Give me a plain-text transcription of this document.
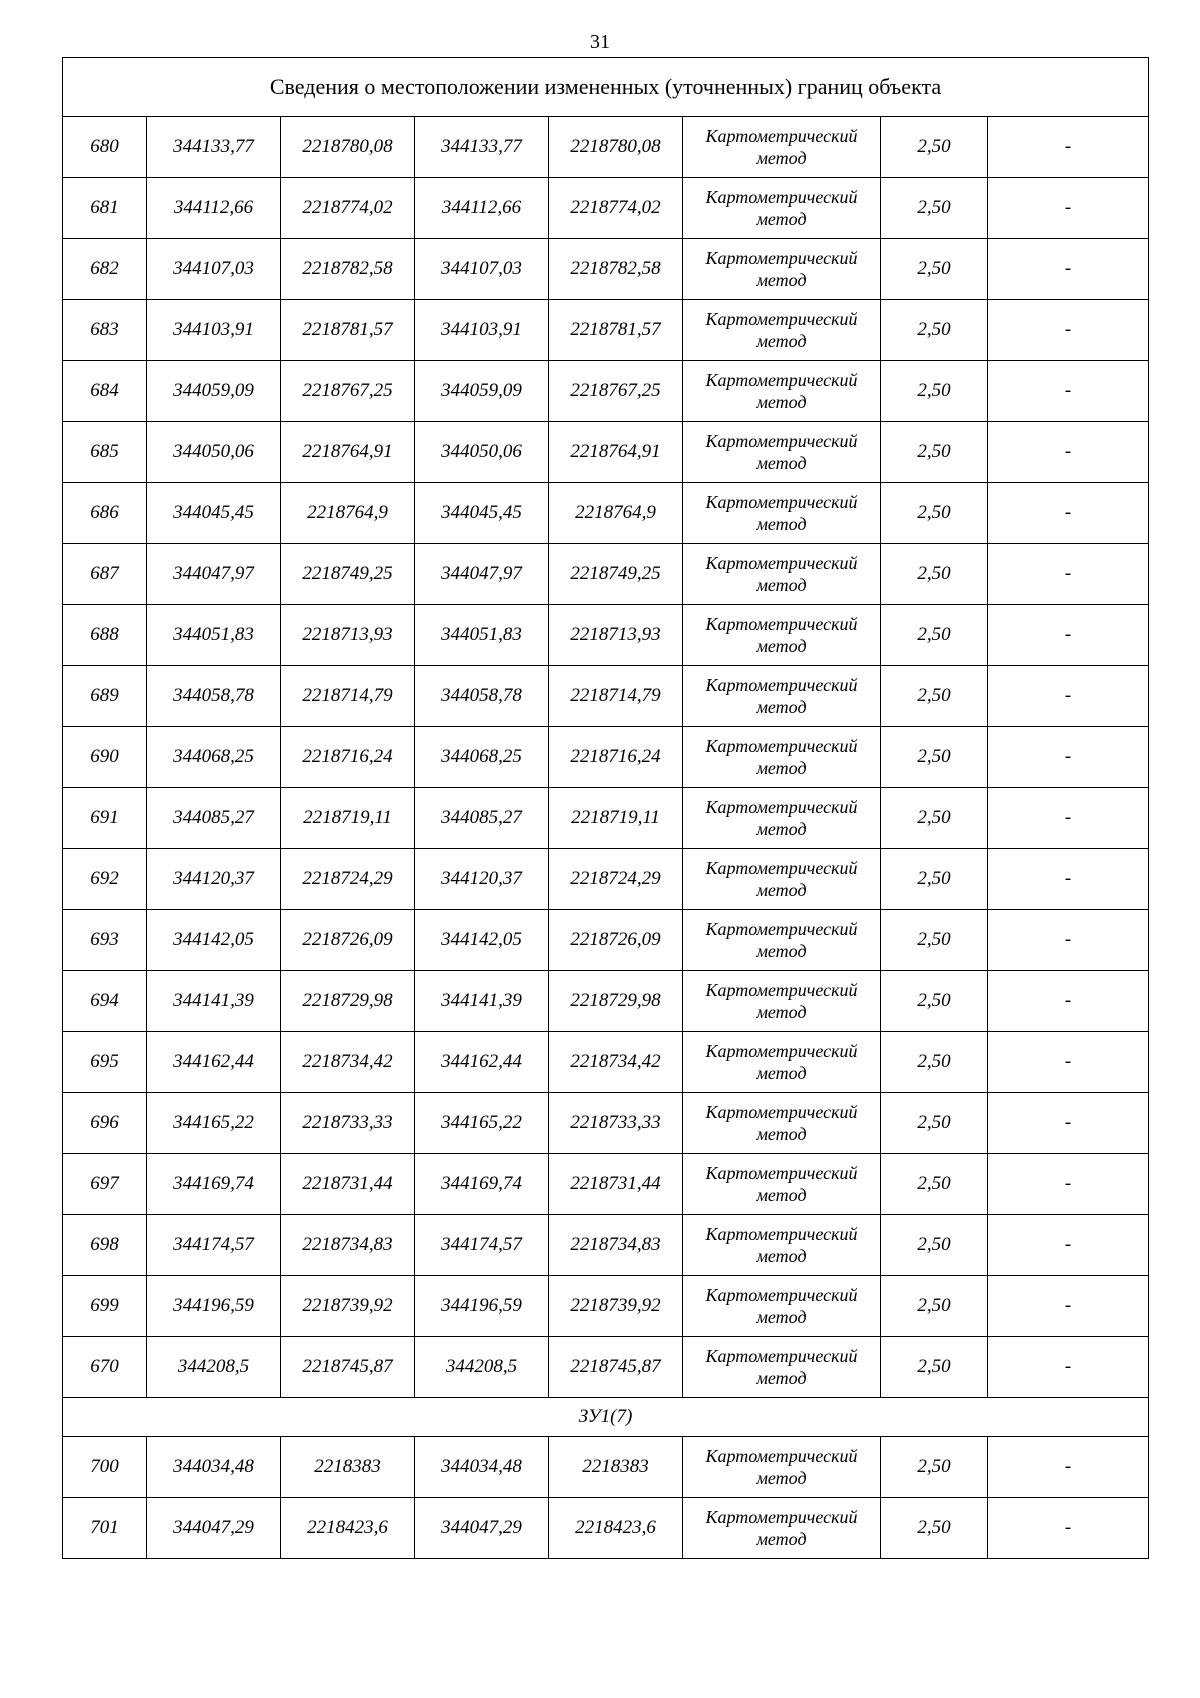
31
Сведения о местоположении измененных (уточненных) границ объекта							
680	344133,77	2218780,08	344133,77	2218780,08	Картометрический
метод	2,50	-
681	344112,66	2218774,02	344112,66	2218774,02	Картометрический
метод	2,50	-
682	344107,03	2218782,58	344107,03	2218782,58	Картометрический
метод	2,50	-
683	344103,91	2218781,57	344103,91	2218781,57	Картометрический
метод	2,50	-
684	344059,09	2218767,25	344059,09	2218767,25	Картометрический
метод	2,50	-
685	344050,06	2218764,91	344050,06	2218764,91	Картометрический
метод	2,50	-
686	344045,45	2218764,9	344045,45	2218764,9	Картометрический
метод	2,50	-
687	344047,97	2218749,25	344047,97	2218749,25	Картометрический
метод	2,50	-
688	344051,83	2218713,93	344051,83	2218713,93	Картометрический
метод	2,50	-
689	344058,78	2218714,79	344058,78	2218714,79	Картометрический
метод	2,50	-
690	344068,25	2218716,24	344068,25	2218716,24	Картометрический
метод	2,50	-
691	344085,27	2218719,11	344085,27	2218719,11	Картометрический
метод	2,50	-
692	344120,37	2218724,29	344120,37	2218724,29	Картометрический
метод	2,50	-
693	344142,05	2218726,09	344142,05	2218726,09	Картометрический
метод	2,50	-
694	344141,39	2218729,98	344141,39	2218729,98	Картометрический
метод	2,50	-
695	344162,44	2218734,42	344162,44	2218734,42	Картометрический
метод	2,50	-
696	344165,22	2218733,33	344165,22	2218733,33	Картометрический
метод	2,50	-
697	344169,74	2218731,44	344169,74	2218731,44	Картометрический
метод	2,50	-
698	344174,57	2218734,83	344174,57	2218734,83	Картометрический
метод	2,50	-
699	344196,59	2218739,92	344196,59	2218739,92	Картометрический
метод	2,50	-
670	344208,5	2218745,87	344208,5	2218745,87	Картометрический
метод	2,50	-
ЗУ1(7)							
700	344034,48	2218383	344034,48	2218383	Картометрический
метод	2,50	-
701	344047,29	2218423,6	344047,29	2218423,6	Картометрический
метод	2,50	-
